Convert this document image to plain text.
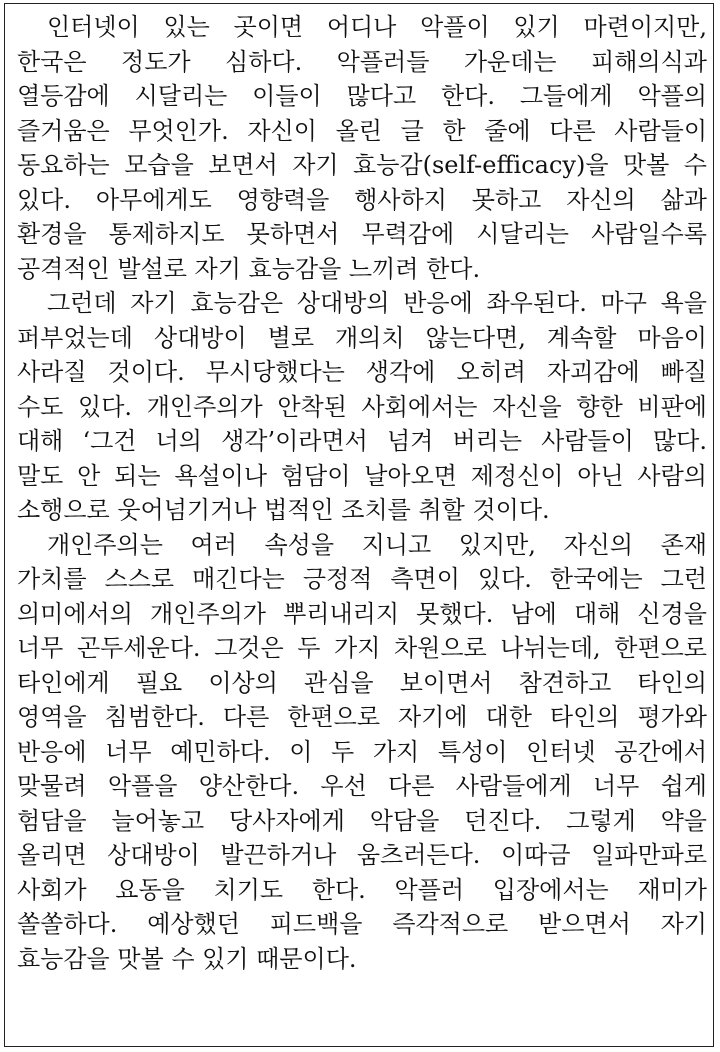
인터넷이 있는 곳이면 어디나 악플이 있기 마련이지만,
한국은 정도가 심하다. 악플러들 가운데는 피해의식과
열등감에 시달리는 이들이 많다고 한다. 그들에게 악플의
즐거움은 무엇인가. 자신이 올린 글 한 줄에 다른 사람들이
동요하는 모습을 보면서 자기 효능감(self-efficacy)을 맛볼 수
있다. 아무에게도 영향력을 행사하지 못하고 자신의 삶과
환경을 통제하지도 못하면서 무력감에 시달리는 사람일수록
공격적인 발설로 자기 효능감을 느끼려 한다.
그런데 자기 효능감은 상대방의 반응에 좌우된다. 마구 욕을
퍼부었는데 상대방이 별로 개의치 않는다면, 계속할 마음이
사라질 것이다. 무시당했다는 생각에 오히려 자괴감에 빠질
수도 있다. 개인주의가 안착된 사회에서는 자신을 향한 비판에
대해 ‘그건 너의 생각’이라면서 넘겨 버리는 사람들이 많다.
말도 안 되는 욕설이나 험담이 날아오면 제정신이 아닌 사람의
소행으로 웃어넘기거나 법적인 조치를 취할 것이다.
개인주의는 여러 속성을 지니고 있지만, 자신의 존재
가치를 스스로 매긴다는 긍정적 측면이 있다. 한국에는 그런
의미에서의 개인주의가 뿌리내리지 못했다. 남에 대해 신경을
너무 곤두세운다. 그것은 두 가지 차원으로 나뉘는데, 한편으로
타인에게 필요 이상의 관심을 보이면서 참견하고 타인의
영역을 침범한다. 다른 한편으로 자기에 대한 타인의 평가와
반응에 너무 예민하다. 이 두 가지 특성이 인터넷 공간에서
맞물려 악플을 양산한다. 우선 다른 사람들에게 너무 쉽게
험담을 늘어놓고 당사자에게 악담을 던진다. 그렇게 약을
올리면 상대방이 발끈하거나 움츠러든다. 이따금 일파만파로
사회가 요동을 치기도 한다. 악플러 입장에서는 재미가
쏠쏠하다. 예상했던 피드백을 즉각적으로 받으면서 자기
효능감을 맛볼 수 있기 때문이다.
